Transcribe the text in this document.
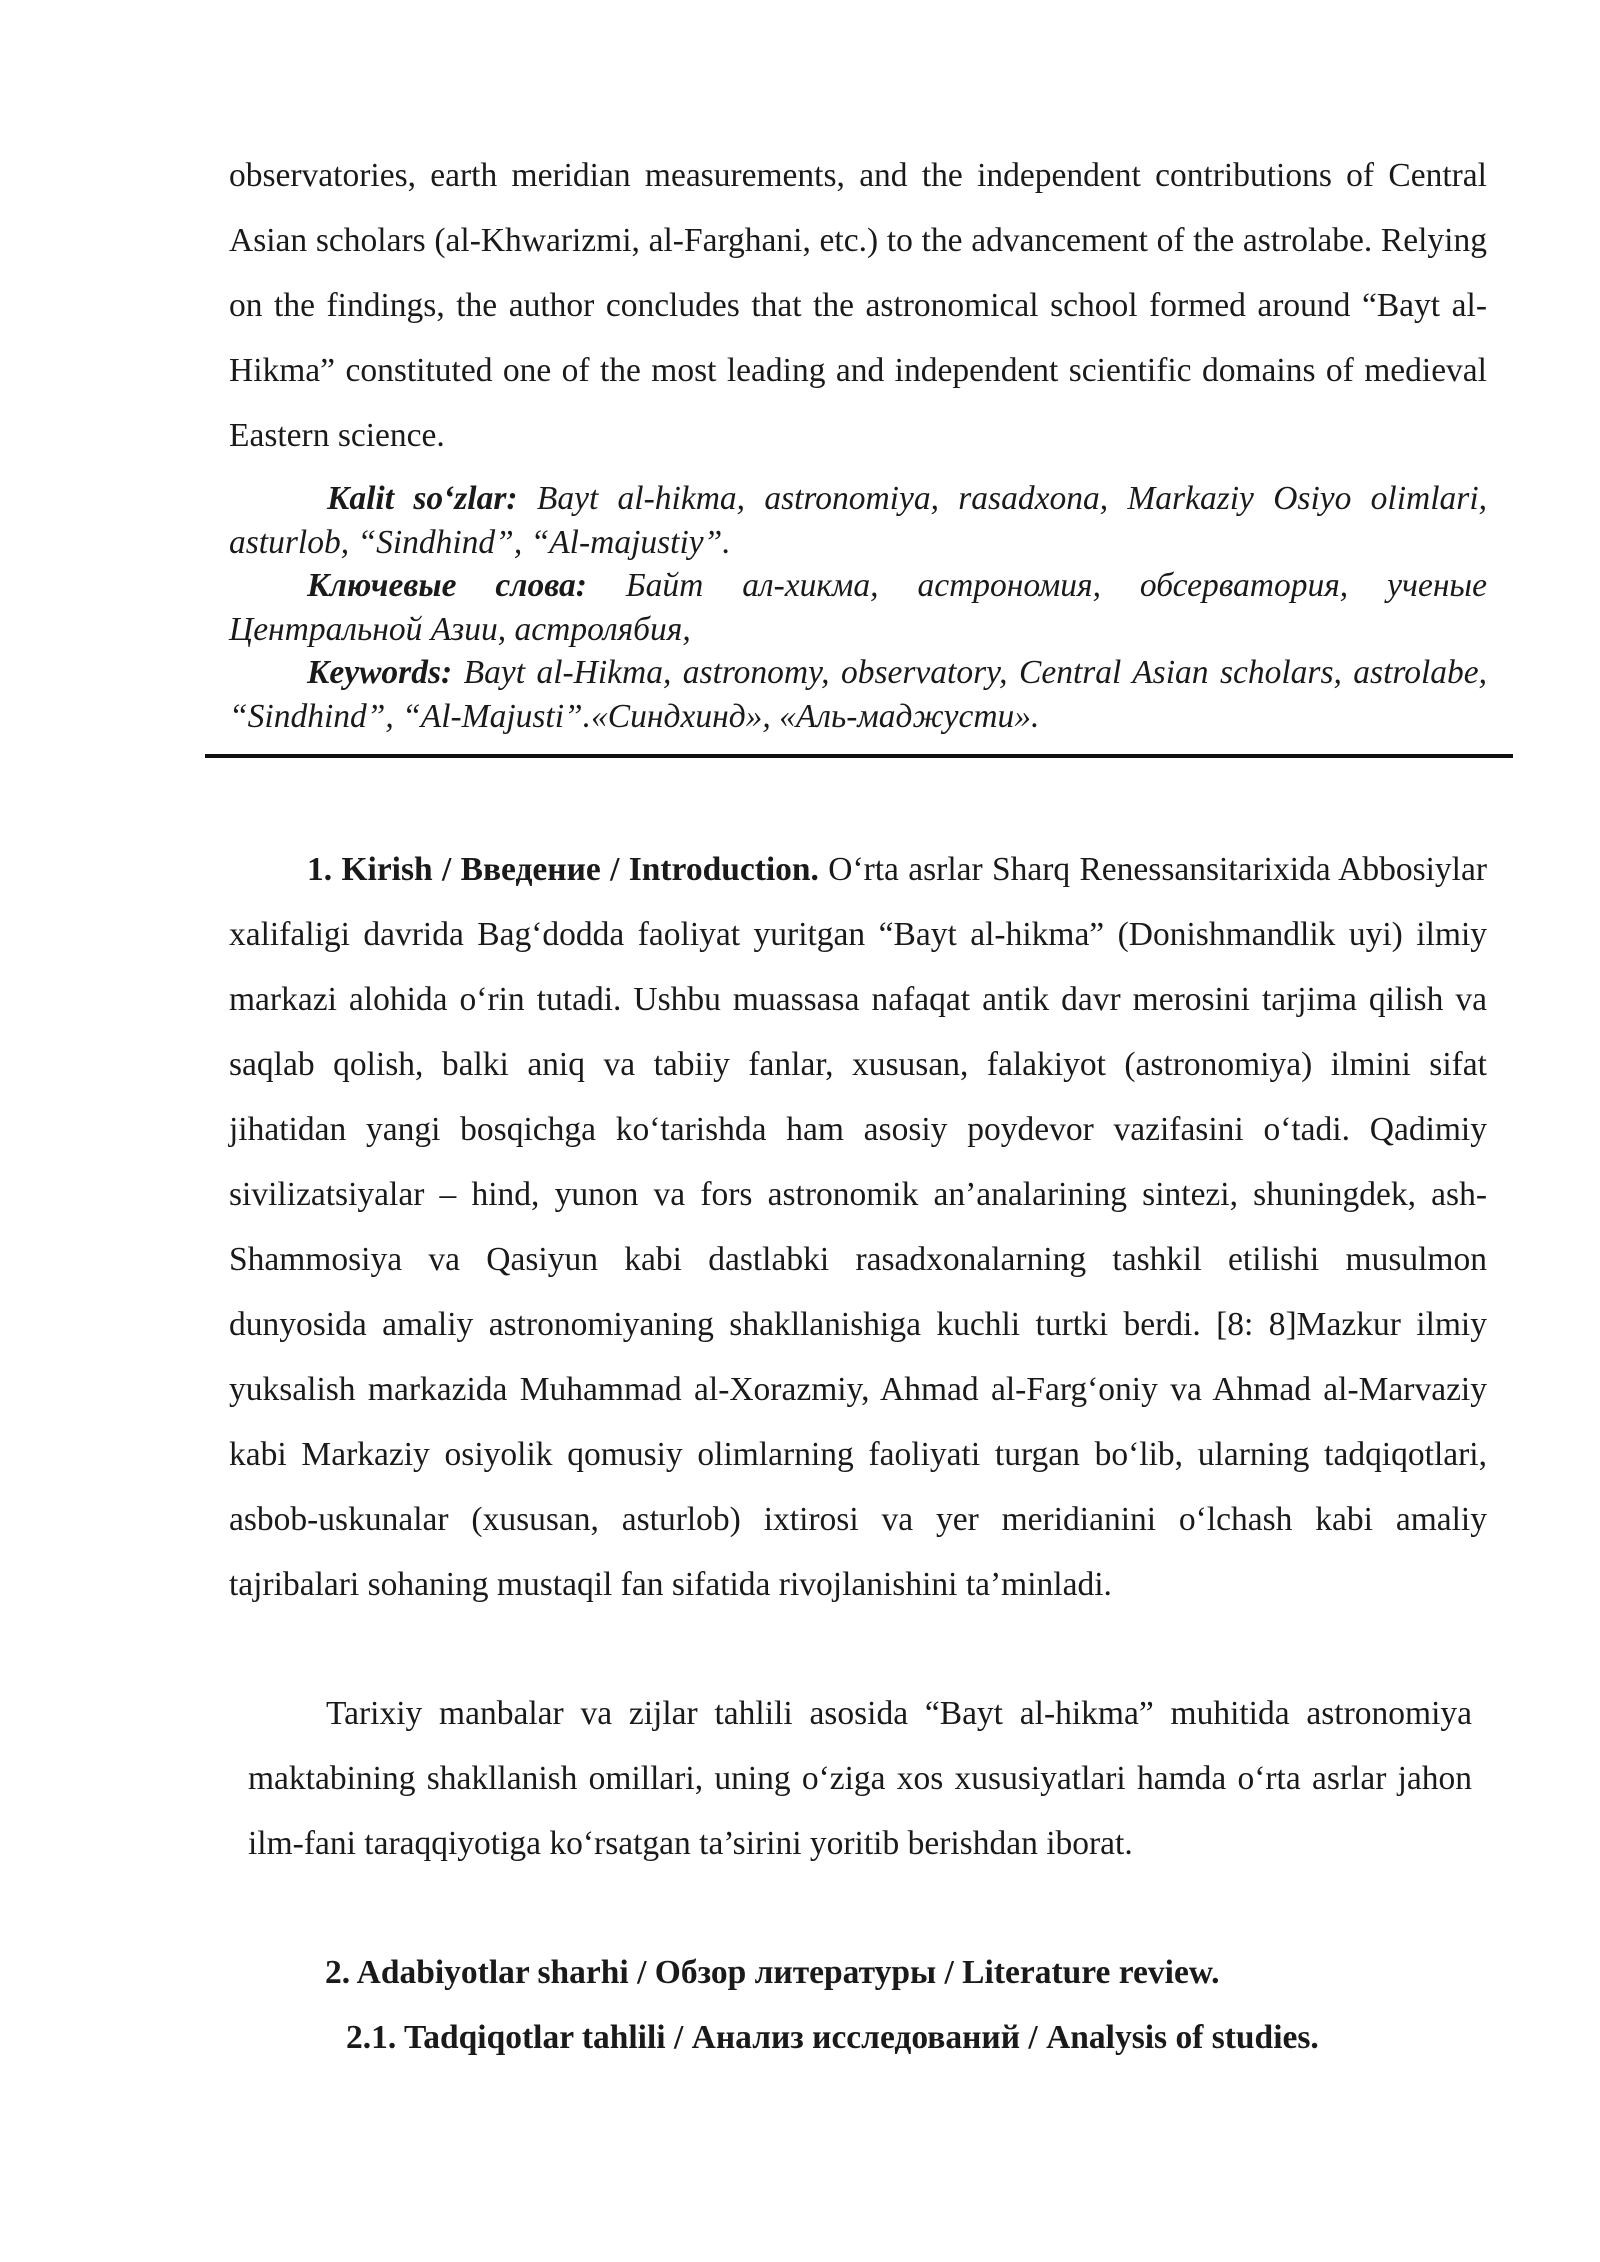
observatories, earth meridian measurements, and the independent contributions of Central Asian scholars (al-Khwarizmi, al-Farghani, etc.) to the advancement of the astrolabe. Relying on the findings, the author concludes that the astronomical school formed around “Bayt al-Hikma” constituted one of the most leading and independent scientific domains of medieval Eastern science.

Kalit so‘zlar: Bayt al-hikma, astronomiya, rasadxona, Markaziy Osiyo olimlari, asturlob, “Sindhind”, “Al-majustiy”.

Ключевые слова: Байт ал-хикма, астрономия, обсерватория, ученые Центральной Азии, астролябия,

Keywords: Bayt al-Hikma, astronomy, observatory, Central Asian scholars, astrolabe, “Sindhind”, “Al-Majusti”.«Синдхинд», «Аль-маджусти».

1. Kirish / Введение / Introduction. O‘rta asrlar Sharq Renessansitarixida Abbosiylar xalifaligi davrida Bag‘dodda faoliyat yuritgan “Bayt al-hikma” (Donishmandlik uyi) ilmiy markazi alohida o‘rin tutadi. Ushbu muassasa nafaqat antik davr merosini tarjima qilish va saqlab qolish, balki aniq va tabiiy fanlar, xususan, falakiyot (astronomiya) ilmini sifat jihatidan yangi bosqichga ko‘tarishda ham asosiy poydevor vazifasini o‘tadi. Qadimiy sivilizatsiyalar – hind, yunon va fors astronomik an’analarining sintezi, shuningdek, ash-Shammosiya va Qasiyun kabi dastlabki rasadxonalarning tashkil etilishi musulmon dunyosida amaliy astronomiyaning shakllanishiga kuchli turtki berdi. [8: 8]Mazkur ilmiy yuksalish markazida Muhammad al-Xorazmiy, Ahmad al-Farg‘oniy va Ahmad al-Marvaziy kabi Markaziy osiyolik qomusiy olimlarning faoliyati turgan bo‘lib, ularning tadqiqotlari, asbob-uskunalar (xususan, asturlob) ixtirosi va yer meridianini o‘lchash kabi amaliy tajribalari sohaning mustaqil fan sifatida rivojlanishini ta’minladi.

Tarixiy manbalar va zijlar tahlili asosida “Bayt al-hikma” muhitida astronomiya maktabining shakllanish omillari, uning o‘ziga xos xususiyatlari hamda o‘rta asrlar jahon ilm-fani taraqqiyotiga ko‘rsatgan ta’sirini yoritib berishdan iborat.

2. Adabiyotlar sharhi / Обзор литературы / Literature review.

2.1. Tadqiqotlar tahlili / Анализ исследований / Analysis of studies.
